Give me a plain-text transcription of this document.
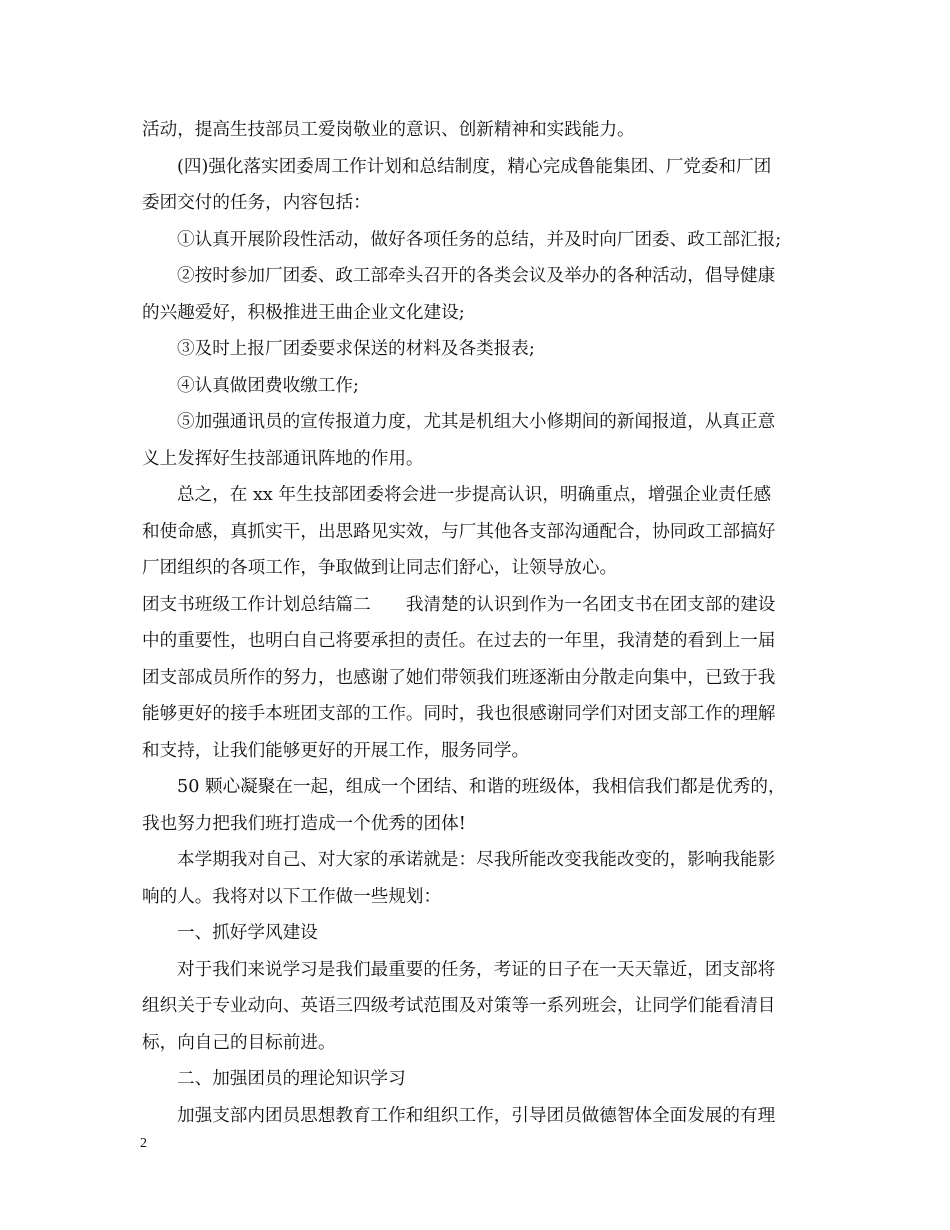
活动，提高生技部员工爱岗敬业的意识、创新精神和实践能力。
(四)强化落实团委周工作计划和总结制度，精心完成鲁能集团、厂党委和厂团
委团交付的任务，内容包括：
①认真开展阶段性活动，做好各项任务的总结，并及时向厂团委、政工部汇报;
②按时参加厂团委、政工部牵头召开的各类会议及举办的各种活动，倡导健康
的兴趣爱好，积极推进王曲企业文化建设;
③及时上报厂团委要求保送的材料及各类报表;
④认真做团费收缴工作;
⑤加强通讯员的宣传报道力度，尤其是机组大小修期间的新闻报道，从真正意
义上发挥好生技部通讯阵地的作用。
总之，在 xx 年生技部团委将会进一步提高认识，明确重点，增强企业责任感
和使命感，真抓实干，出思路见实效，与厂其他各支部沟通配合，协同政工部搞好
厂团组织的各项工作，争取做到让同志们舒心，让领导放心。
团支书班级工作计划总结篇二　　我清楚的认识到作为一名团支书在团支部的建设
中的重要性，也明白自己将要承担的责任。在过去的一年里，我清楚的看到上一届
团支部成员所作的努力，也感谢了她们带领我们班逐渐由分散走向集中，已致于我
能够更好的接手本班团支部的工作。同时，我也很感谢同学们对团支部工作的理解
和支持，让我们能够更好的开展工作，服务同学。
50 颗心凝聚在一起，组成一个团结、和谐的班级体，我相信我们都是优秀的，
我也努力把我们班打造成一个优秀的团体!
本学期我对自己、对大家的承诺就是：尽我所能改变我能改变的，影响我能影
响的人。我将对以下工作做一些规划：
一、抓好学风建设
对于我们来说学习是我们最重要的任务，考证的日子在一天天靠近，团支部将
组织关于专业动向、英语三四级考试范围及对策等一系列班会，让同学们能看清目
标，向自己的目标前进。
二、加强团员的理论知识学习
加强支部内团员思想教育工作和组织工作，引导团员做德智体全面发展的有理
2
